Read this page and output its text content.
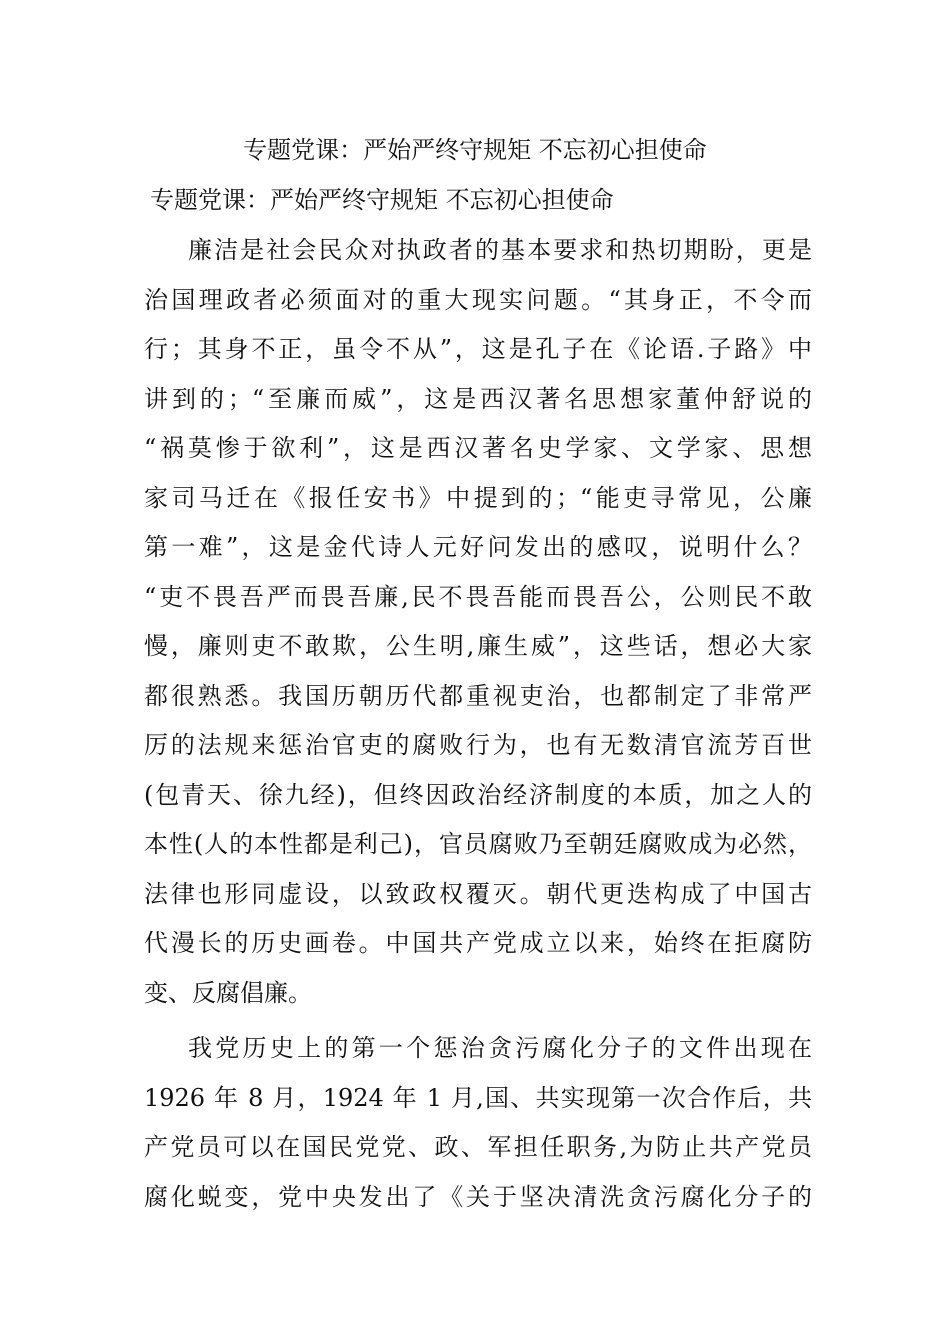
专题党课：严始严终守规矩 不忘初心担使命
专题党课：严始严终守规矩 不忘初心担使命
廉洁是社会民众对执政者的基本要求和热切期盼，更是
治国理政者必须面对的重大现实问题。“其身正，不令而
行；其身不正，虽令不从”，这是孔子在《论语.子路》中
讲到的；“至廉而威”，这是西汉著名思想家董仲舒说的
“祸莫惨于欲利”，这是西汉著名史学家、文学家、思想
家司马迁在《报任安书》中提到的；“能吏寻常见，公廉
第一难”，这是金代诗人元好问发出的感叹，说明什么？
“吏不畏吾严而畏吾廉,民不畏吾能而畏吾公，公则民不敢
慢，廉则吏不敢欺，公生明,廉生威”，这些话，想必大家
都很熟悉。我国历朝历代都重视吏治，也都制定了非常严
厉的法规来惩治官吏的腐败行为，也有无数清官流芳百世
(包青天、徐九经)，但终因政治经济制度的本质，加之人的
本性(人的本性都是利己)，官员腐败乃至朝廷腐败成为必然，
法律也形同虚设，以致政权覆灭。朝代更迭构成了中国古
代漫长的历史画卷。中国共产党成立以来，始终在拒腐防
变、反腐倡廉。
我党历史上的第一个惩治贪污腐化分子的文件出现在
1926 年 8 月，1924 年 1 月,国、共实现第一次合作后，共
产党员可以在国民党党、政、军担任职务,为防止共产党员
腐化蜕变，党中央发出了《关于坚决清洗贪污腐化分子的
